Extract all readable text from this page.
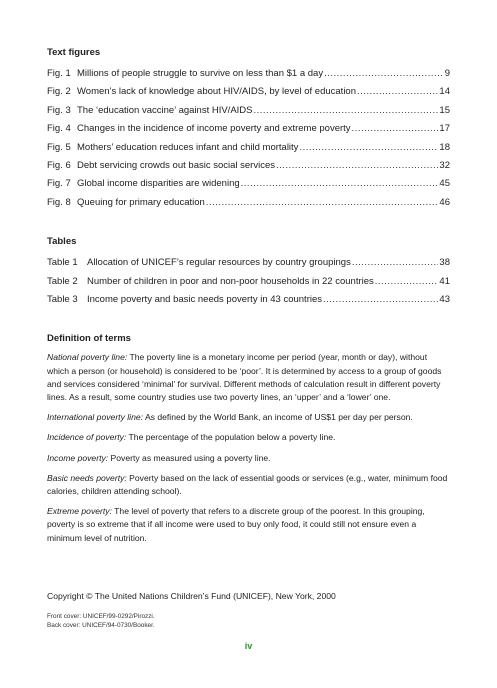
Text figures
Fig. 1 Millions of people struggle to survive on less than $1 a day .....	9
Fig. 2 Women’s lack of knowledge about HIV/AIDS, by level of education .....	14
Fig. 3 The ‘education vaccine’ against HIV/AIDS .....	15
Fig. 4 Changes in the incidence of income poverty and extreme poverty .....	17
Fig. 5 Mothers’ education reduces infant and child mortality .....	18
Fig. 6 Debt servicing crowds out basic social services .....	32
Fig. 7 Global income disparities are widening .....	45
Fig. 8 Queuing for primary education .....	46
Tables
Table 1 Allocation of UNICEF’s regular resources by country groupings .....	38
Table 2 Number of children in poor and non-poor households in 22 countries .....	41
Table 3 Income poverty and basic needs poverty in 43 countries .....	43
Definition of terms

National poverty line: The poverty line is a monetary income per period (year, month or day), without which a person (or household) is considered to be ‘poor’. It is determined by access to a group of goods and services considered ‘minimal’ for survival. Different methods of calculation result in different poverty lines. As a result, some country studies use two poverty lines, an ‘upper’ and a ‘lower’ one.

International poverty line: As defined by the World Bank, an income of US$1 per day per person.

Incidence of poverty: The percentage of the population below a poverty line.

Income poverty: Poverty as measured using a poverty line.

Basic needs poverty: Poverty based on the lack of essential goods or services (e.g., water, minimum food calories, children attending school).

Extreme poverty: The level of poverty that refers to a discrete group of the poorest. In this grouping, poverty is so extreme that if all income were used to buy only food, it could still not ensure even a minimum level of nutrition.

Copyright © The United Nations Children’s Fund (UNICEF), New York, 2000
Front cover: UNICEF/99-0292/Pirozzi.
Back cover: UNICEF/94-0730/Booker.
iv
